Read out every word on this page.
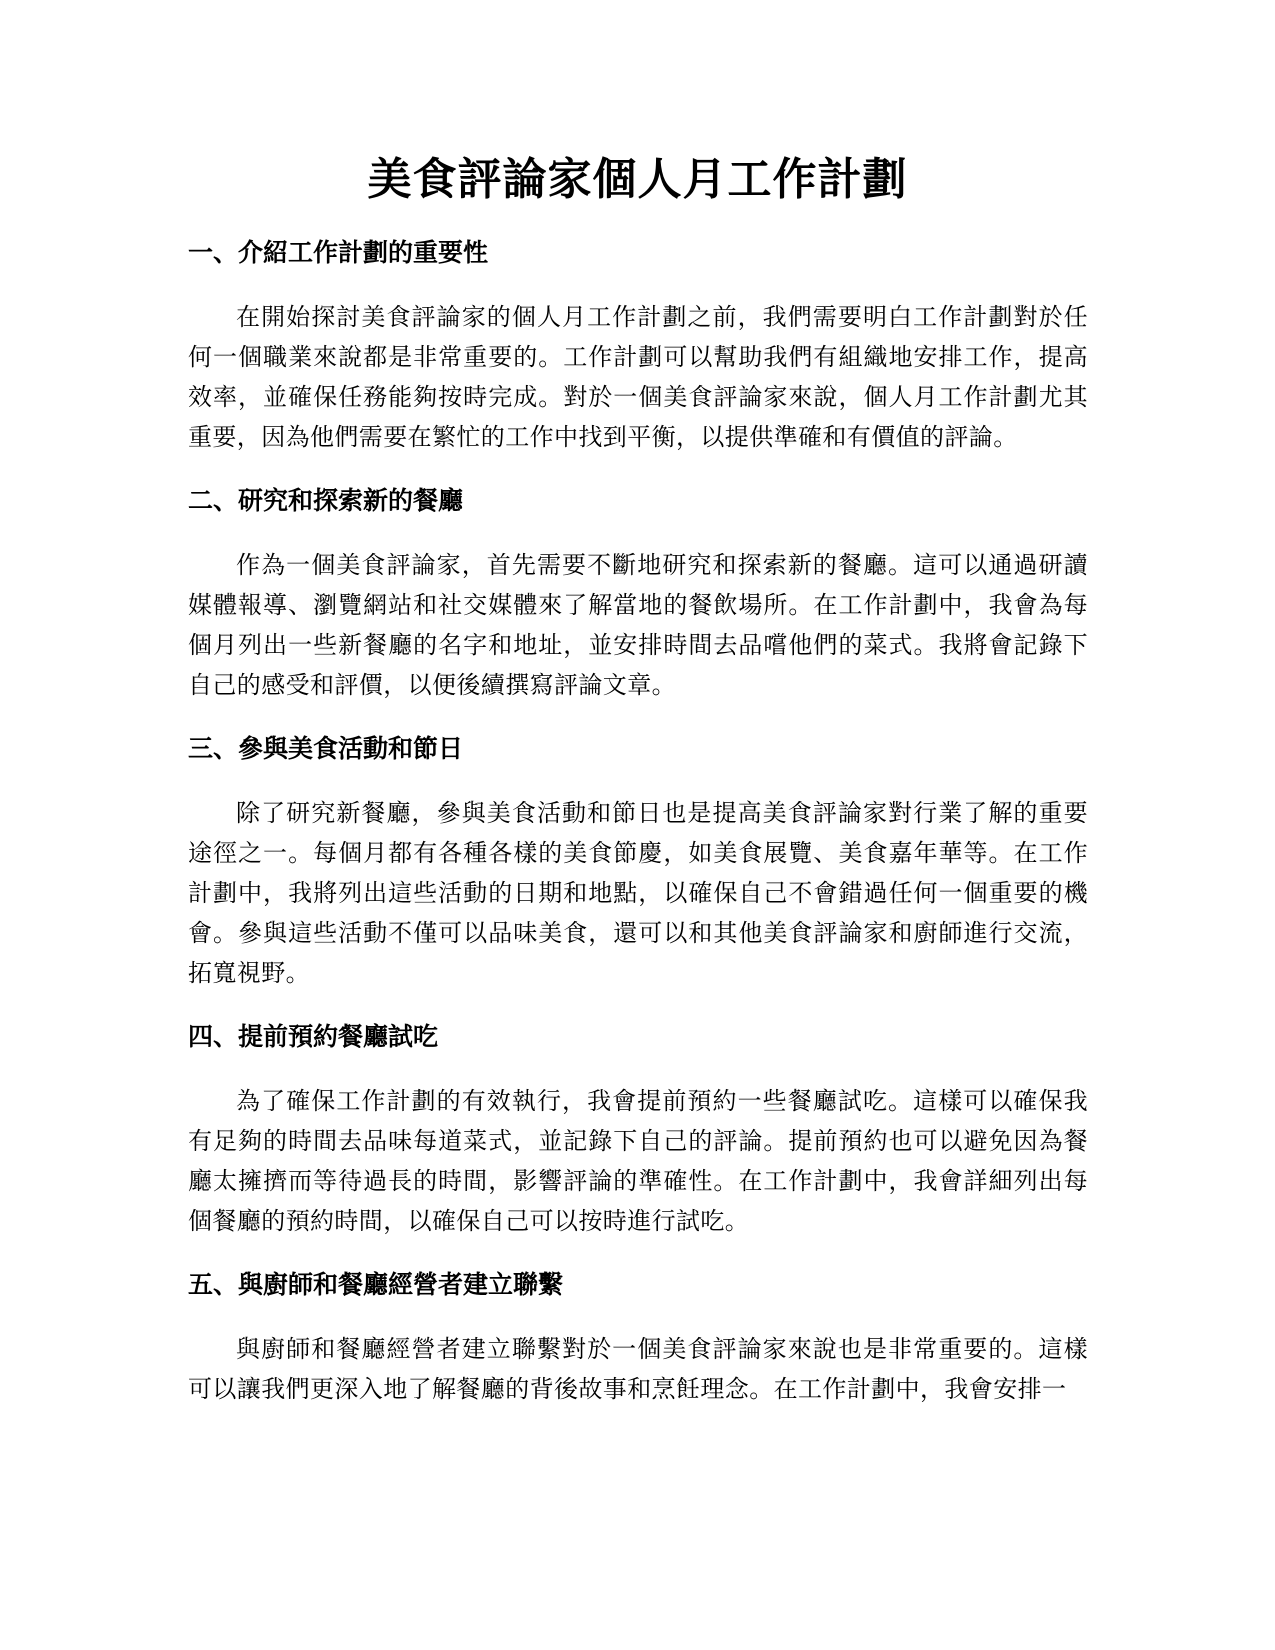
美食評論家個人月工作計劃
一、介紹工作計劃的重要性

在開始探討美食評論家的個人月工作計劃之前，我們需要明白工作計劃對於任何一個職業來說都是非常重要的。工作計劃可以幫助我們有組織地安排工作，提高效率，並確保任務能夠按時完成。對於一個美食評論家來說，個人月工作計劃尤其重要，因為他們需要在繁忙的工作中找到平衡，以提供準確和有價值的評論。

二、研究和探索新的餐廳

作為一個美食評論家，首先需要不斷地研究和探索新的餐廳。這可以通過研讀媒體報導、瀏覽網站和社交媒體來了解當地的餐飲場所。在工作計劃中，我會為每個月列出一些新餐廳的名字和地址，並安排時間去品嚐他們的菜式。我將會記錄下自己的感受和評價，以便後續撰寫評論文章。

三、參與美食活動和節日

除了研究新餐廳，參與美食活動和節日也是提高美食評論家對行業了解的重要途徑之一。每個月都有各種各樣的美食節慶，如美食展覽、美食嘉年華等。在工作計劃中，我將列出這些活動的日期和地點，以確保自己不會錯過任何一個重要的機會。參與這些活動不僅可以品味美食，還可以和其他美食評論家和廚師進行交流，拓寬視野。

四、提前預約餐廳試吃

為了確保工作計劃的有效執行，我會提前預約一些餐廳試吃。這樣可以確保我有足夠的時間去品味每道菜式，並記錄下自己的評論。提前預約也可以避免因為餐廳太擁擠而等待過長的時間，影響評論的準確性。在工作計劃中，我會詳細列出每個餐廳的預約時間，以確保自己可以按時進行試吃。

五、與廚師和餐廳經營者建立聯繫

與廚師和餐廳經營者建立聯繫對於一個美食評論家來說也是非常重要的。這樣可以讓我們更深入地了解餐廳的背後故事和烹飪理念。在工作計劃中，我會安排一
